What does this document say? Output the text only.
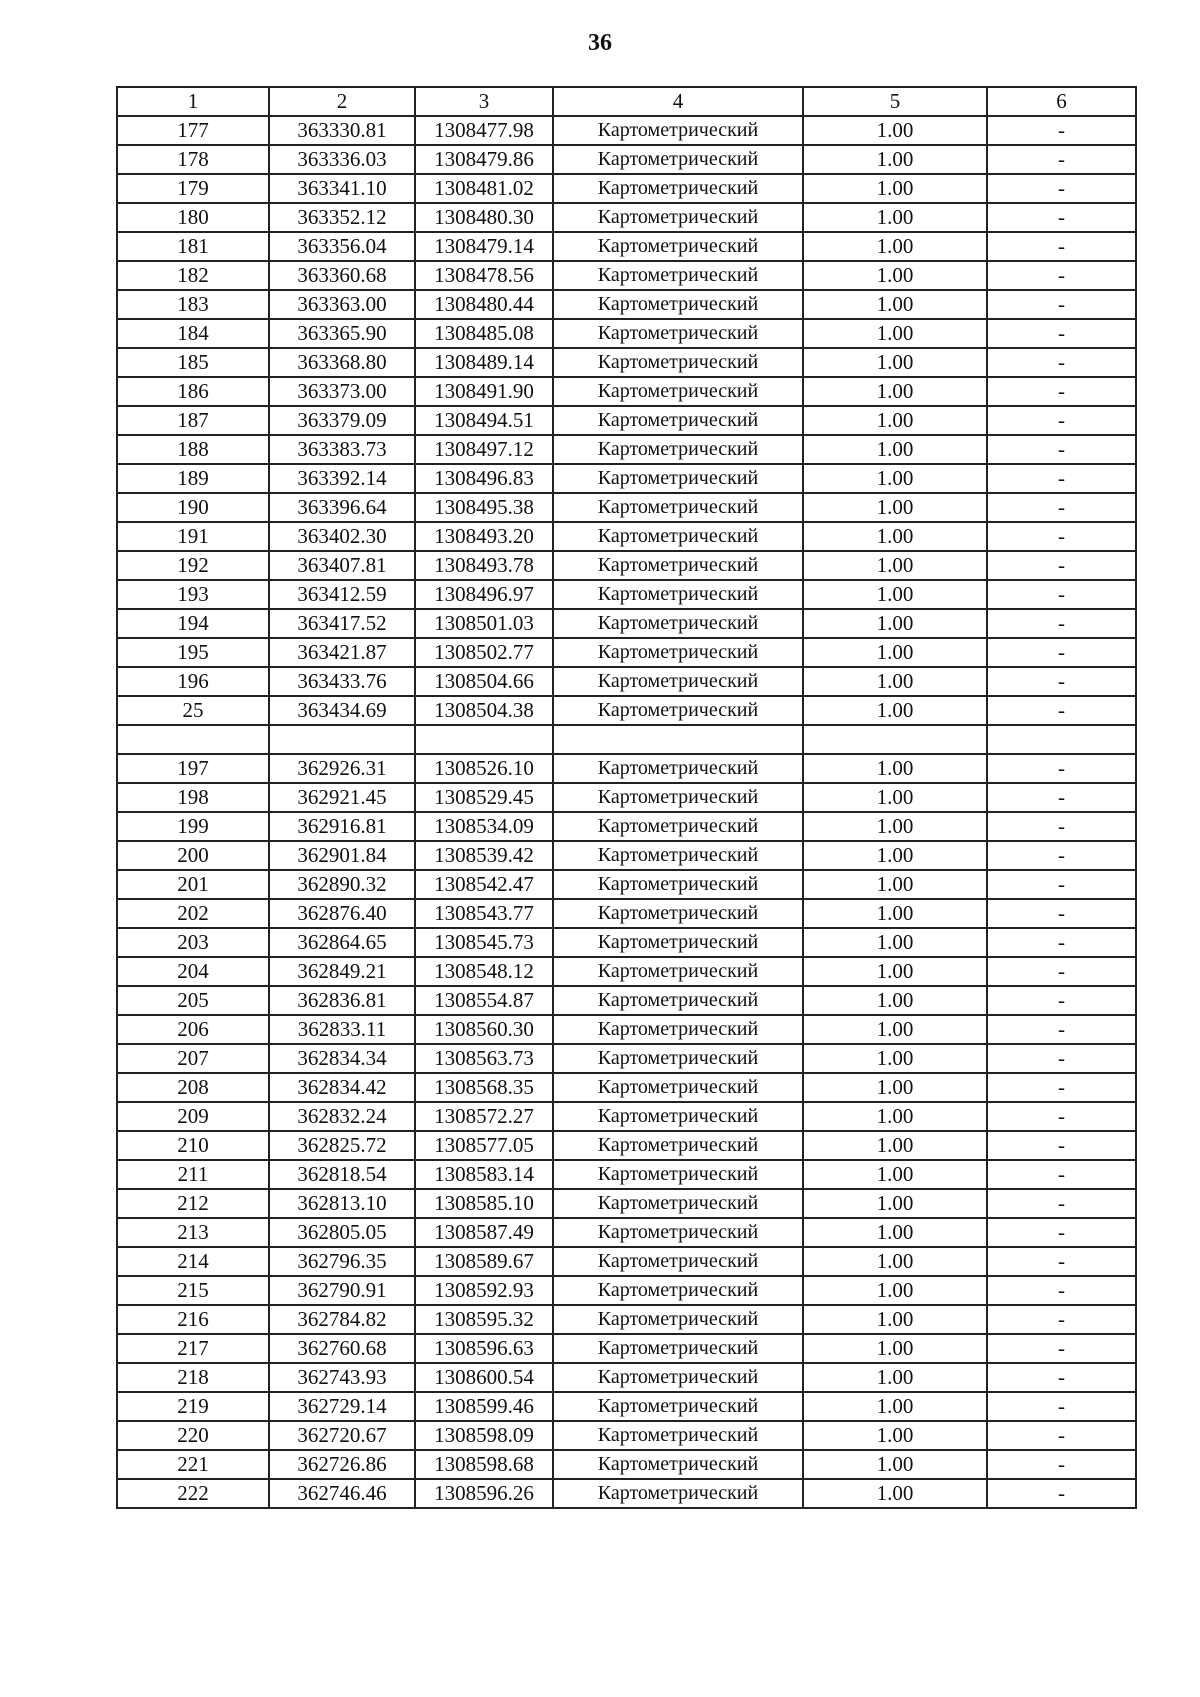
36
1	2	3	4	5	6
177	363330.81	1308477.98	Картометрический	1.00	-
178	363336.03	1308479.86	Картометрический	1.00	-
179	363341.10	1308481.02	Картометрический	1.00	-
180	363352.12	1308480.30	Картометрический	1.00	-
181	363356.04	1308479.14	Картометрический	1.00	-
182	363360.68	1308478.56	Картометрический	1.00	-
183	363363.00	1308480.44	Картометрический	1.00	-
184	363365.90	1308485.08	Картометрический	1.00	-
185	363368.80	1308489.14	Картометрический	1.00	-
186	363373.00	1308491.90	Картометрический	1.00	-
187	363379.09	1308494.51	Картометрический	1.00	-
188	363383.73	1308497.12	Картометрический	1.00	-
189	363392.14	1308496.83	Картометрический	1.00	-
190	363396.64	1308495.38	Картометрический	1.00	-
191	363402.30	1308493.20	Картометрический	1.00	-
192	363407.81	1308493.78	Картометрический	1.00	-
193	363412.59	1308496.97	Картометрический	1.00	-
194	363417.52	1308501.03	Картометрический	1.00	-
195	363421.87	1308502.77	Картометрический	1.00	-
196	363433.76	1308504.66	Картометрический	1.00	-
25	363434.69	1308504.38	Картометрический	1.00	-

197	362926.31	1308526.10	Картометрический	1.00	-
198	362921.45	1308529.45	Картометрический	1.00	-
199	362916.81	1308534.09	Картометрический	1.00	-
200	362901.84	1308539.42	Картометрический	1.00	-
201	362890.32	1308542.47	Картометрический	1.00	-
202	362876.40	1308543.77	Картометрический	1.00	-
203	362864.65	1308545.73	Картометрический	1.00	-
204	362849.21	1308548.12	Картометрический	1.00	-
205	362836.81	1308554.87	Картометрический	1.00	-
206	362833.11	1308560.30	Картометрический	1.00	-
207	362834.34	1308563.73	Картометрический	1.00	-
208	362834.42	1308568.35	Картометрический	1.00	-
209	362832.24	1308572.27	Картометрический	1.00	-
210	362825.72	1308577.05	Картометрический	1.00	-
211	362818.54	1308583.14	Картометрический	1.00	-
212	362813.10	1308585.10	Картометрический	1.00	-
213	362805.05	1308587.49	Картометрический	1.00	-
214	362796.35	1308589.67	Картометрический	1.00	-
215	362790.91	1308592.93	Картометрический	1.00	-
216	362784.82	1308595.32	Картометрический	1.00	-
217	362760.68	1308596.63	Картометрический	1.00	-
218	362743.93	1308600.54	Картометрический	1.00	-
219	362729.14	1308599.46	Картометрический	1.00	-
220	362720.67	1308598.09	Картометрический	1.00	-
221	362726.86	1308598.68	Картометрический	1.00	-
222	362746.46	1308596.26	Картометрический	1.00	-
